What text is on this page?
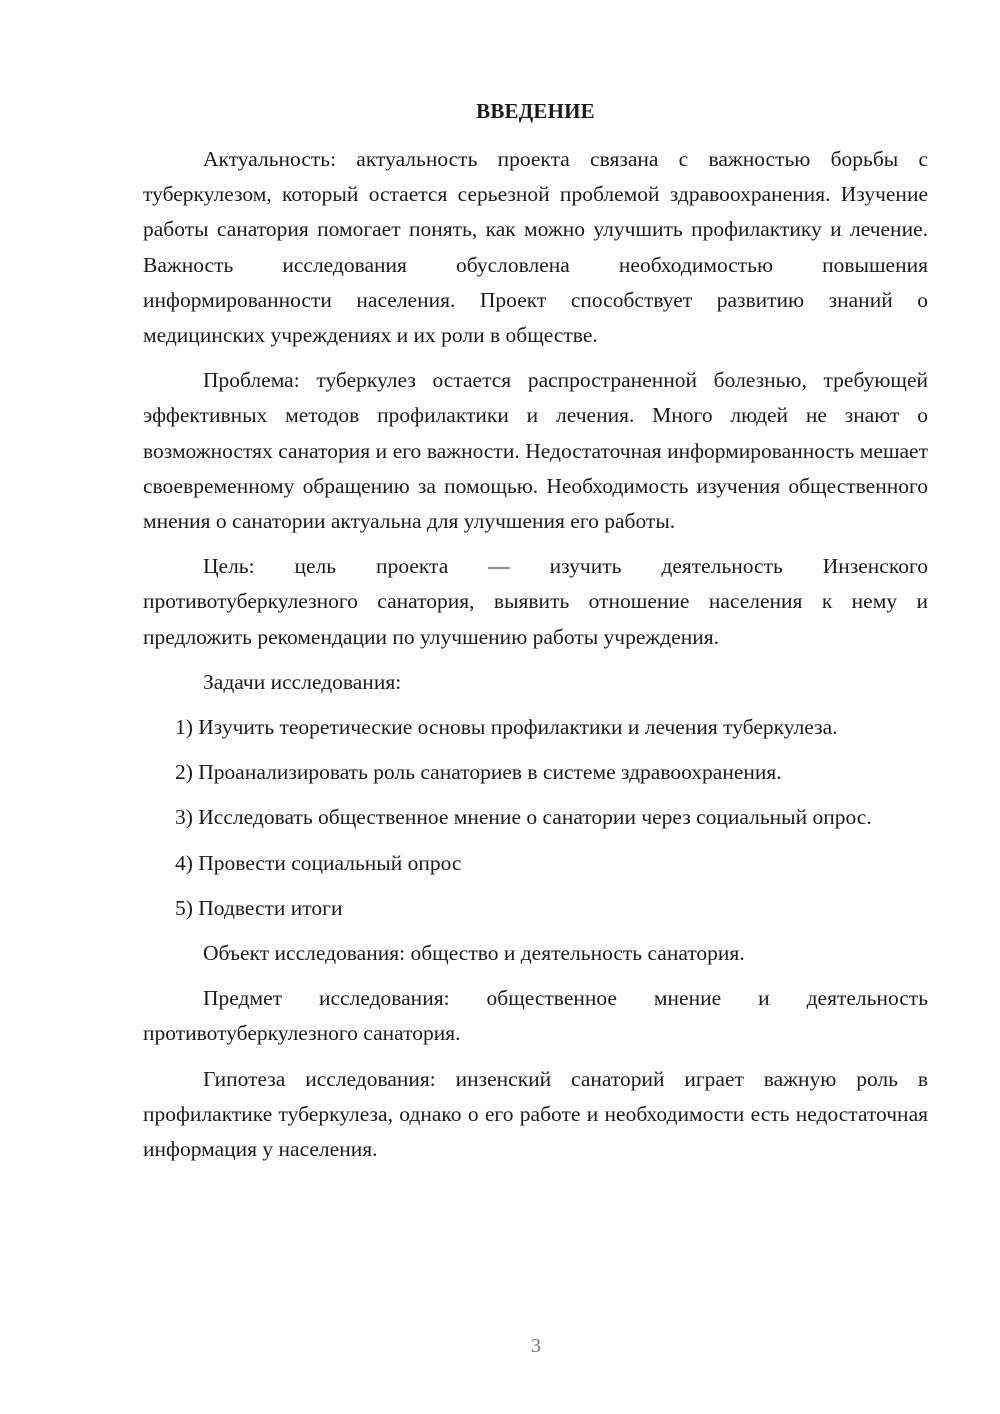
ВВЕДЕНИЕ

Актуальность: актуальность проекта связана с важностью борьбы с туберкулезом, который остается серьезной проблемой здравоохранения. Изучение работы санатория помогает понять, как можно улучшить профилактику и лечение. Важность исследования обусловлена необходимостью повышения информированности населения. Проект способствует развитию знаний о медицинских учреждениях и их роли в обществе.

Проблема: туберкулез остается распространенной болезнью, требующей эффективных методов профилактики и лечения. Много людей не знают о возможностях санатория и его важности. Недостаточная информированность мешает своевременному обращению за помощью. Необходимость изучения общественного мнения о санатории актуальна для улучшения его работы.

Цель: цель проекта — изучить деятельность Инзенского противотуберкулезного санатория, выявить отношение населения к нему и предложить рекомендации по улучшению работы учреждения.

Задачи исследования:

1) Изучить теоретические основы профилактики и лечения туберкулеза.

2) Проанализировать роль санаториев в системе здравоохранения.

3) Исследовать общественное мнение о санатории через социальный опрос.

4) Провести социальный опрос

5) Подвести итоги

Объект исследования: общество и деятельность санатория.

Предмет исследования: общественное мнение и деятельность противотуберкулезного санатория.

Гипотеза исследования: инзенский санаторий играет важную роль в профилактике туберкулеза, однако о его работе и необходимости есть недостаточная информация у населения.

3
